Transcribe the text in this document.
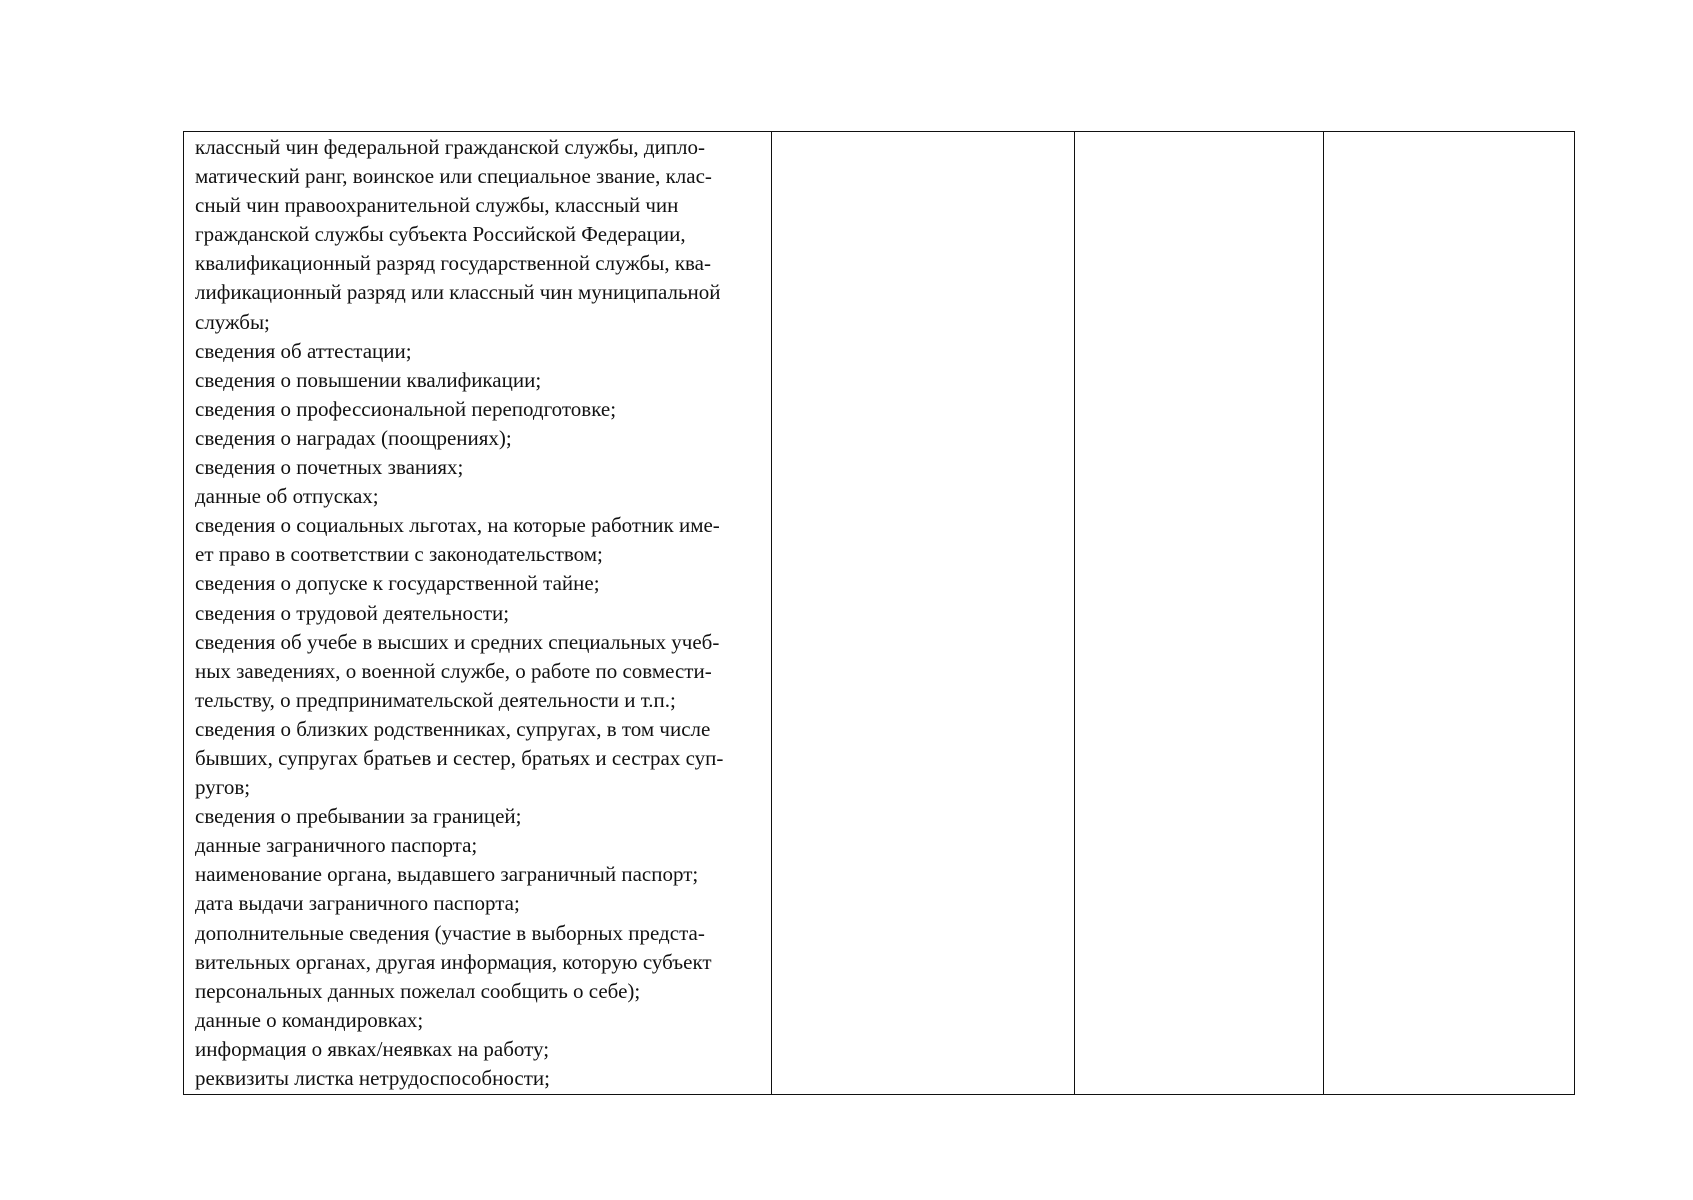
классный чин федеральной гражданской службы, дипло-
матический ранг, воинское или специальное звание, клас-
сный чин правоохранительной службы, классный чин
гражданской службы субъекта Российской Федерации,
квалификационный разряд государственной службы, ква-
лификационный разряд или классный чин муниципальной
службы;
сведения об аттестации;
сведения о повышении квалификации;
сведения о профессиональной переподготовке;
сведения о наградах (поощрениях);
сведения о почетных званиях;
данные об отпусках;
сведения о социальных льготах, на которые работник име-
ет право в соответствии с законодательством;
сведения о допуске к государственной тайне;
сведения о трудовой деятельности;
сведения об учебе в высших и средних специальных учеб-
ных заведениях, о военной службе, о работе по совмести-
тельству, о предпринимательской деятельности и т.п.;
сведения о близких родственниках, супругах, в том числе
бывших, супругах братьев и сестер, братьях и сестрах суп-
ругов;
сведения о пребывании за границей;
данные заграничного паспорта;
наименование органа, выдавшего заграничный паспорт;
дата выдачи заграничного паспорта;
дополнительные сведения (участие в выборных предста-
вительных органах, другая информация, которую субъект
персональных данных пожелал сообщить о себе);
данные о командировках;
информация о явках/неявках на работу;
реквизиты листка нетрудоспособности;
